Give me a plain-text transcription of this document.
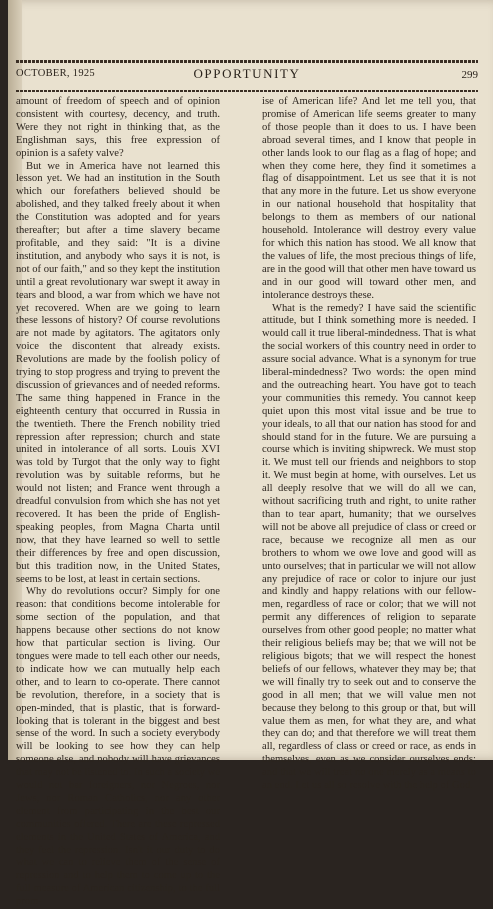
OCTOBER, 1925	OPPORTUNITY	299

amount of freedom of speech and of opinion consistent with courtesy, decency, and truth. Were they not right in thinking that, as the Englishman says, this free expression of opinion is a safety valve?

But we in America have not learned this lesson yet. We had an institution in the South which our forefathers believed should be abolished, and they talked freely about it when the Constitution was adopted and for years thereafter; but after a time slavery became profitable, and they said: "It is a divine institution, and anybody who says it is not, is not of our faith," and so they kept the institution until a great revolutionary war swept it away in tears and blood, a war from which we have not yet recovered. When are we going to learn these lessons of history? Of course revolutions are not made by agitators. The agitators only voice the discontent that already exists. Revolutions are made by the foolish policy of trying to stop progress and trying to prevent the discussion of grievances and of needed reforms. The same thing happened in France in the eighteenth century that occurred in Russia in the twentieth. There the French nobility tried repression after repression; church and state united in intolerance of all sorts. Louis XVI was told by Turgot that the only way to fight revolution was by suitable reforms, but he would not listen; and France went through a dreadful convulsion from which she has not yet recovered. It has been the pride of English-speaking peoples, from Magna Charta until now, that they have learned so well to settle their differences by free and open discussion, but this tradition now, in the United States, seems to be lost, at least in certain sections.

Why do revolutions occur? Simply for one reason: that conditions become intolerable for some section of the population, and that happens because other sections do not know how that particular section is living. Our tongues were made to tell each other our needs, to indicate how we can mutually help each other, and to learn to co-operate. There cannot be revolution, therefore, in a society that is open-minded, that is plastic, that is forward-looking that is tolerant in the biggest and best sense of the word. In such a society everybody will be looking to see how they can help someone else, and nobody will have grievances that may not be listened to. In such a society we would not bar foreigners, nor Negroes, nor Jews, nor Roman Catholics, nor any other element from participating in the best our communities offered. There are these repressed elements in the United States of America, and they feel the repression. Isn't it our duty to do what we can to relieve them of the sense of repression and to help them to come up to the full measure of American citizenship, to the full prom-

ise of American life? And let me tell you, that promise of American life seems greater to many of those people than it does to us. I have been abroad several times, and I know that people in other lands look to our flag as a flag of hope; and when they come here, they find it sometimes a flag of disappointment. Let us see that it is not that any more in the future. Let us show everyone in our national household that hospitality that belongs to them as members of our national household. Intolerance will destroy every value for which this nation has stood. We all know that the values of life, the most precious things of life, are in the good will that other men have toward us and in our good will toward other men, and intolerance destroys these.

What is the remedy? I have said the scientific attitude, but I think something more is needed. I would call it true liberal-mindedness. That is what the social workers of this country need in order to assure social advance. What is a synonym for true liberal-mindedness? Two words: the open mind and the outreaching heart. You have got to teach your communities this remedy. You cannot keep quiet upon this most vital issue and be true to your ideals, to all that our nation has stood for and should stand for in the future. We are pursuing a course which is inviting shipwreck. We must stop it. We must tell our friends and neighbors to stop it. We must begin at home, with ourselves. Let us all deeply resolve that we will do all we can, without sacrificing truth and right, to unite rather than to tear apart, humanity; that we ourselves will not be above all prejudice of class or creed or race, because we recognize all men as our brothers to whom we owe love and good will as unto ourselves; that in particular we will not allow any prejudice of race or color to injure our just and kindly and happy relations with our fellow-men, regardless of race or color; that we will not permit any differences of religion to separate ourselves from other good people; no matter what their religious beliefs may be; that we will not be religious bigots; that we will respect the honest beliefs of our fellows, whatever they may be; that we will finally try to seek out and to conserve the good in all men; that we will value men not because they belong to this group or that, but will value them as men, for what they are, and what they can do; and that therefore we will treat them all, regardless of class or creed or race, as ends in themselves, even as we consider ourselves ends; and that we will treat no one merely as a means to an end. Let us all so resolve with the help of God.
